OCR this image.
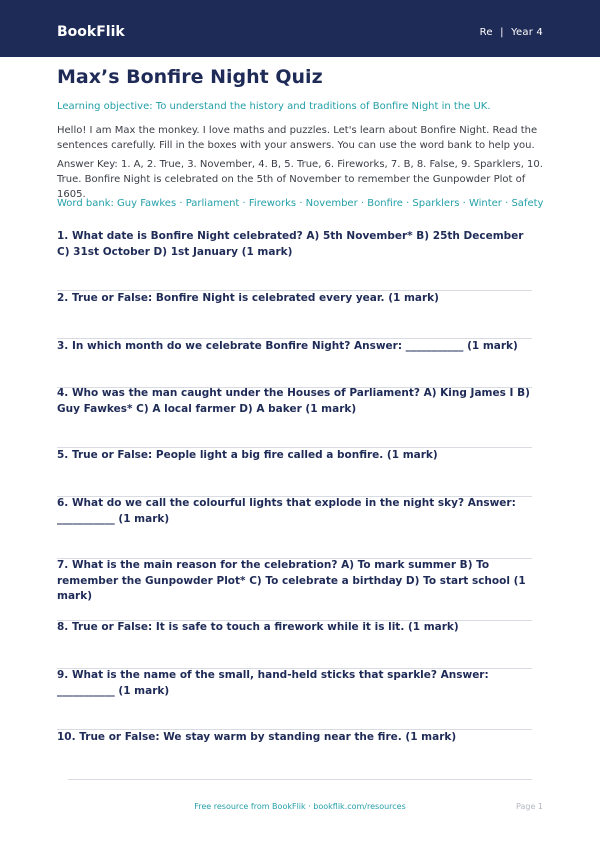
BookFlik	Re | Year 4
Max’s Bonfire Night Quiz
Learning objective: To understand the history and traditions of Bonfire Night in the UK.
Hello! I am Max the monkey. I love maths and puzzles. Let's learn about Bonfire Night. Read the sentences carefully. Fill in the boxes with your answers. You can use the word bank to help you.
Answer Key: 1. A, 2. True, 3. November, 4. B, 5. True, 6. Fireworks, 7. B, 8. False, 9. Sparklers, 10. True. Bonfire Night is celebrated on the 5th of November to remember the Gunpowder Plot of 1605.
Word bank: Guy Fawkes · Parliament · Fireworks · November · Bonfire · Sparklers · Winter · Safety
1. What date is Bonfire Night celebrated? A) 5th November* B) 25th December C) 31st October D) 1st January (1 mark)
2. True or False: Bonfire Night is celebrated every year. (1 mark)
3. In which month do we celebrate Bonfire Night? Answer: ___________ (1 mark)
4. Who was the man caught under the Houses of Parliament? A) King James I B) Guy Fawkes* C) A local farmer D) A baker (1 mark)
5. True or False: People light a big fire called a bonfire. (1 mark)
6. What do we call the colourful lights that explode in the night sky? Answer: ___________ (1 mark)
7. What is the main reason for the celebration? A) To mark summer B) To remember the Gunpowder Plot* C) To celebrate a birthday D) To start school (1 mark)
8. True or False: It is safe to touch a firework while it is lit. (1 mark)
9. What is the name of the small, hand-held sticks that sparkle? Answer: ___________ (1 mark)
10. True or False: We stay warm by standing near the fire. (1 mark)
Free resource from BookFlik · bookflik.com/resources	Page 1
